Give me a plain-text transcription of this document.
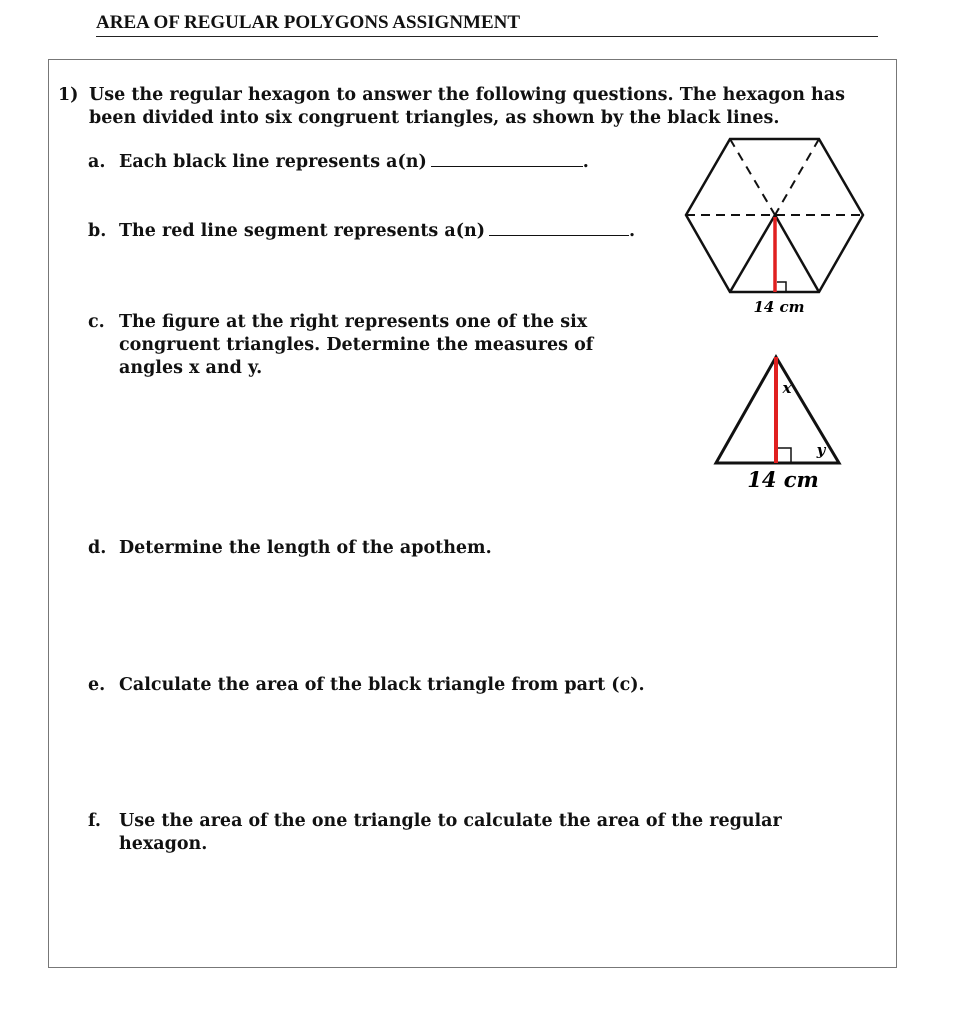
AREA OF REGULAR POLYGONS ASSIGNMENT
1) Use the regular hexagon to answer the following questions. The hexagon has been divided into six congruent triangles, as shown by the black lines.
a. Each black line represents a(n)	.
b. The red line segment represents a(n)	.
c. The figure at the right represents one of the six congruent triangles. Determine the measures of angles x and y.
d. Determine the length of the apothem.
e. Calculate the area of the black triangle from part (c).
f. Use the area of the one triangle to calculate the area of the regular hexagon.
14 cm
x
y
14 cm
